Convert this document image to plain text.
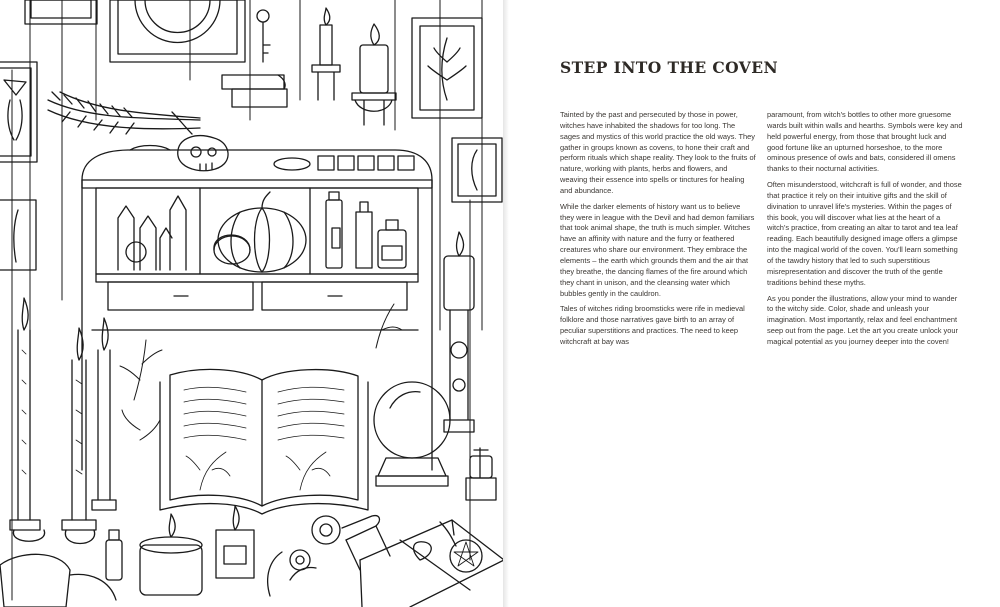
STEP INTO THE COVEN

Tainted by the past and persecuted by those in power, witches have inhabited the shadows for too long. The sages and mystics of this world practice the old ways. They gather in groups known as covens, to hone their craft and perform rituals which shape reality. They look to the fruits of nature, working with plants, herbs and flowers, and weaving their essence into spells or tinctures for healing and abundance.

While the darker elements of history want us to believe they were in league with the Devil and had demon familiars that took animal shape, the truth is much simpler. Witches have an affinity with nature and the furry or feathered creatures who share our environment. They embrace the elements – the earth which grounds them and the air that they breathe, the dancing flames of the fire around which they chant in unison, and the cleansing water which bubbles gently in the cauldron.

Tales of witches riding broomsticks were rife in medieval folklore and those narratives gave birth to an array of peculiar superstitions and practices. The need to keep witchcraft at bay was

paramount, from witch's bottles to other more gruesome wards built within walls and hearths. Symbols were key and held powerful energy, from those that brought luck and good fortune like an upturned horseshoe, to the more ominous presence of owls and bats, considered ill omens thanks to their nocturnal activities.

Often misunderstood, witchcraft is full of wonder, and those that practice it rely on their intuitive gifts and the skill of divination to unravel life's mysteries. Within the pages of this book, you will discover what lies at the heart of a witch's practice, from creating an altar to tarot and tea leaf reading. Each beautifully designed image offers a glimpse into the magical world of the coven. You'll learn something of the tawdry history that led to such superstitious misrepresentation and discover the truth of the gentle traditions behind these myths.

As you ponder the illustrations, allow your mind to wander to the witchy side. Color, shade and unleash your imagination. Most importantly, relax and feel enchantment seep out from the page. Let the art you create unlock your magical potential as you journey deeper into the coven!
